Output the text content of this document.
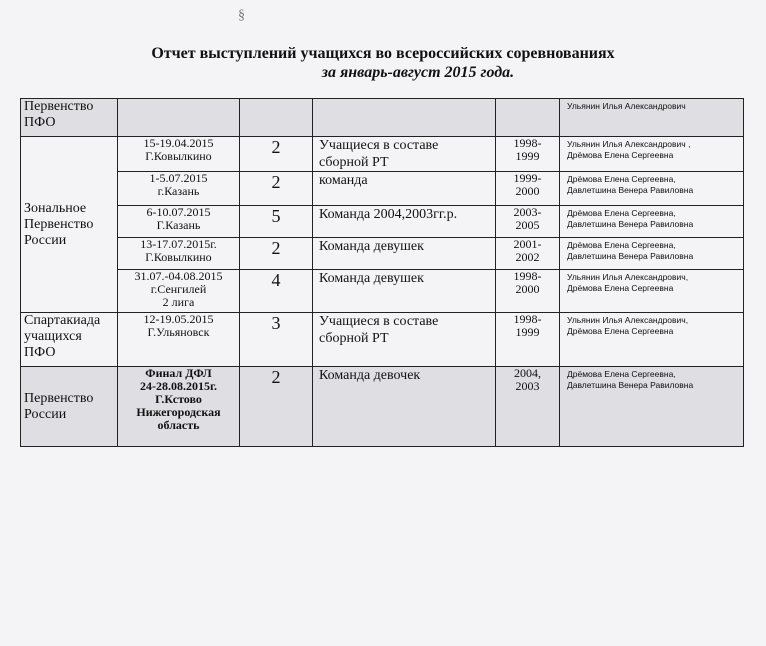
§
Отчет выступлений учащихся во всероссийских соревнованиях

за январь-август 2015 года.
Первенство
ПФО					Ульянин Илья Александрович

Зональное
Первенство
России	15-19.04.2015
Г.Ковылкино	2	Учащиеся в составе
сборной РТ	1998-
1999	Ульянин Илья Александрович ,
Дрёмова Елена Сергеевна

	1-5.07.2015
г.Казань	2	команда	1999-
2000	Дрёмова Елена Сергеевна,
Давлетшина Венера Равиловна

	6-10.07.2015
Г.Казань	5	Команда 2004,2003гг.р.	2003-
2005	Дрёмова Елена Сергеевна,
Давлетшина Венера Равиловна

	13-17.07.2015г.
Г.Ковылкино	2	Команда девушек	2001-
2002	Дрёмова Елена Сергеевна,
Давлетшина Венера Равиловна

	31.07.-04.08.2015
г.Сенгилей
2 лига	4	Команда девушек	1998-
2000	Ульянин Илья Александрович,
Дрёмова Елена Сергеевна

Спартакиада
учащихся
ПФО	12-19.05.2015
Г.Ульяновск	3	Учащиеся в составе
сборной РТ	1998-
1999	Ульянин Илья Александрович,
Дрёмова Елена Сергеевна

Первенство
России	Финал ДФЛ
24-28.08.2015г.
Г.Кстово
Нижегородская
область	2	Команда девочек	2004,
2003	Дрёмова Елена Сергеевна,
Давлетшина Венера Равиловна
